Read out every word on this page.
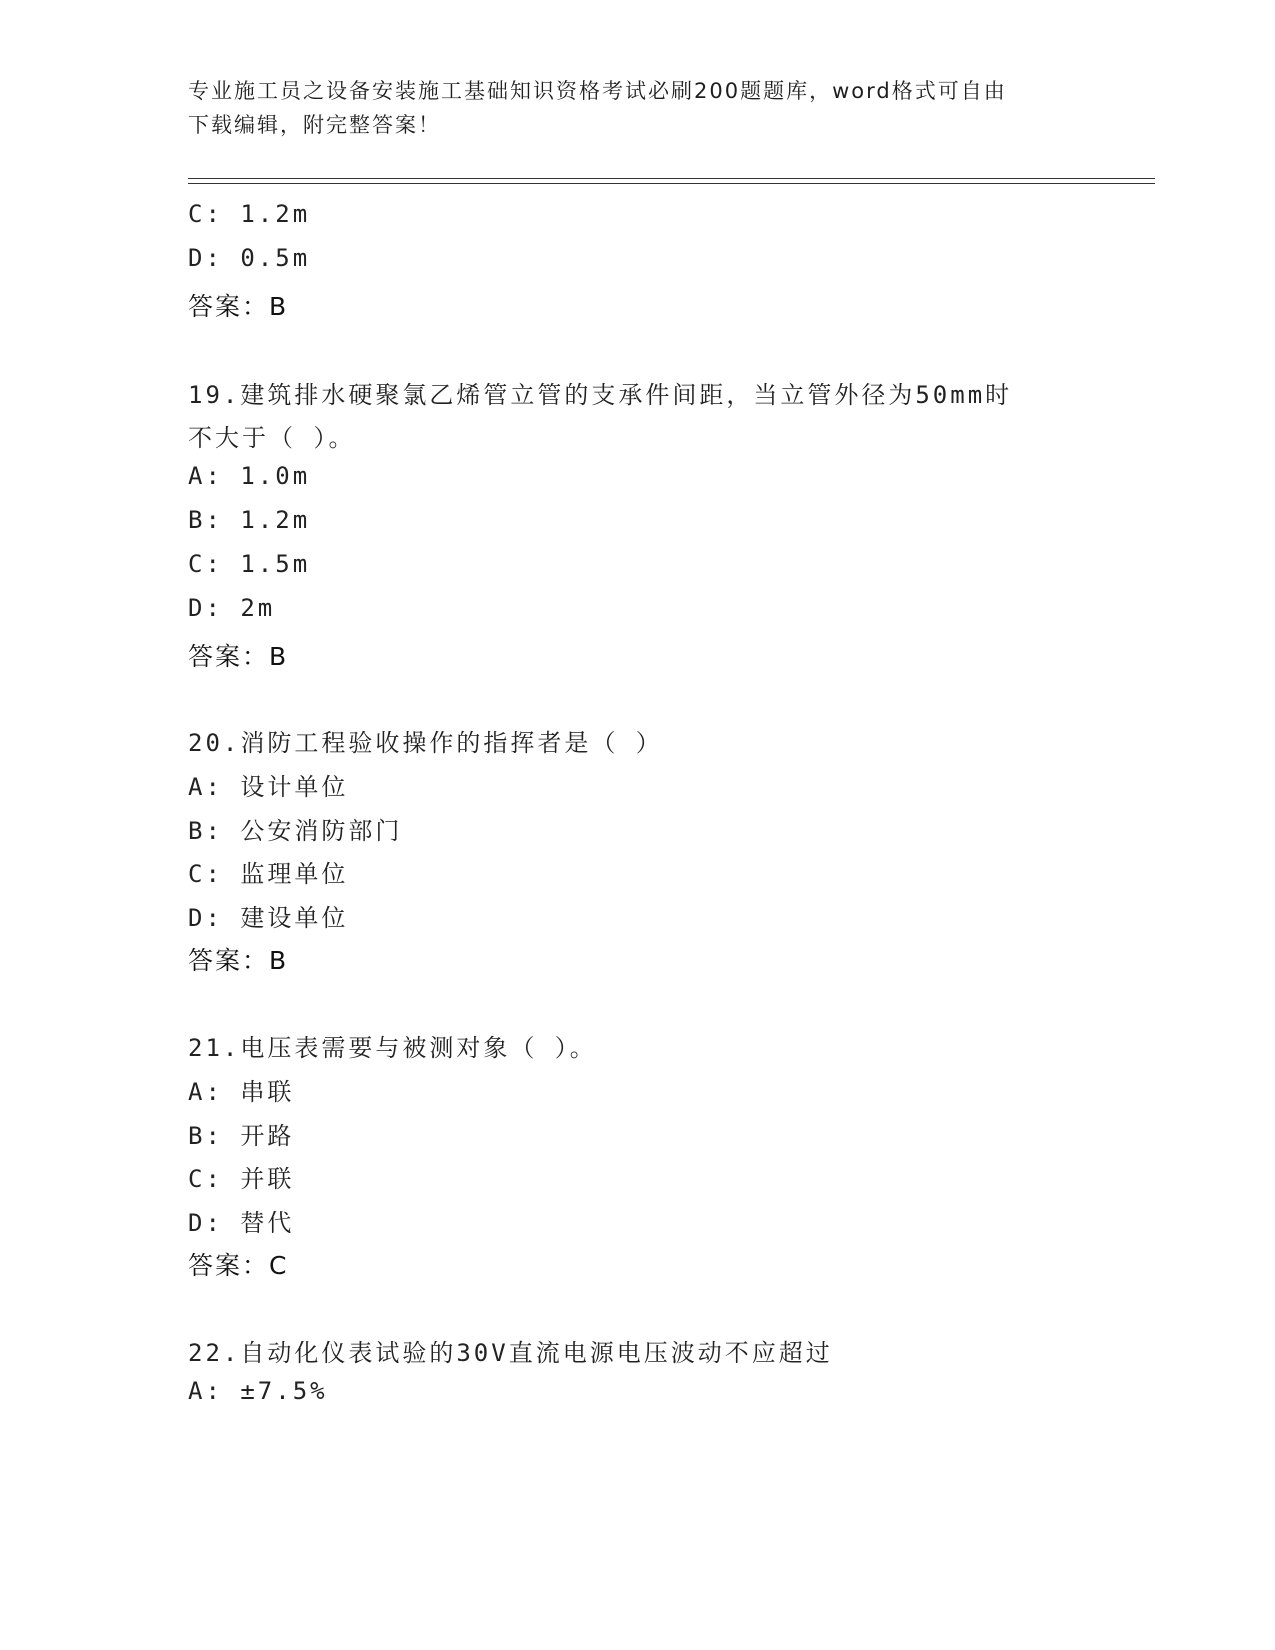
专业施工员之设备安装施工基础知识资格考试必刷200题题库，word格式可自由
下载编辑，附完整答案！
C: 1.2m
D: 0.5m
答案：B
19.建筑排水硬聚氯乙烯管立管的支承件间距，当立管外径为50mm时
不大于（ ）。
A: 1.0m
B: 1.2m
C: 1.5m
D: 2m
答案：B
20.消防工程验收操作的指挥者是（ ）
A: 设计单位
B: 公安消防部门
C: 监理单位
D: 建设单位
答案：B
21.电压表需要与被测对象（ ）。
A: 串联
B: 开路
C: 并联
D: 替代
答案：C
22.自动化仪表试验的30V直流电源电压波动不应超过
A: ±7.5%
